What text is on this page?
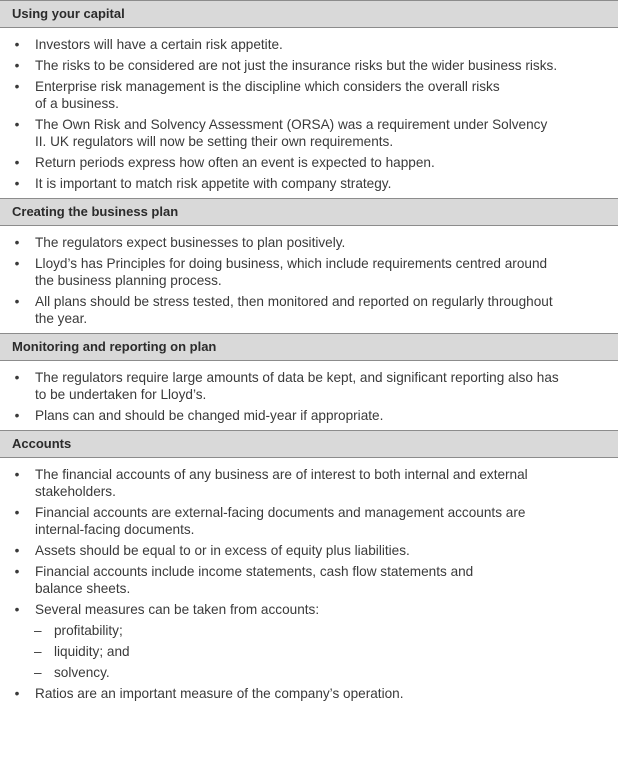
Using your capital
• Investors will have a certain risk appetite.
• The risks to be considered are not just the insurance risks but the wider business risks.
• Enterprise risk management is the discipline which considers the overall risks
of a business.
• The Own Risk and Solvency Assessment (ORSA) was a requirement under Solvency
II. UK regulators will now be setting their own requirements.
• Return periods express how often an event is expected to happen.
• It is important to match risk appetite with company strategy.
Creating the business plan
• The regulators expect businesses to plan positively.
• Lloyd’s has Principles for doing business, which include requirements centred around
the business planning process.
• All plans should be stress tested, then monitored and reported on regularly throughout
the year.
Monitoring and reporting on plan
• The regulators require large amounts of data be kept, and significant reporting also has
to be undertaken for Lloyd’s.
• Plans can and should be changed mid-year if appropriate.
Accounts
• The financial accounts of any business are of interest to both internal and external
stakeholders.
• Financial accounts are external-facing documents and management accounts are
internal-facing documents.
• Assets should be equal to or in excess of equity plus liabilities.
• Financial accounts include income statements, cash flow statements and
balance sheets.
• Several measures can be taken from accounts:
– profitability;
– liquidity; and
– solvency.
• Ratios are an important measure of the company’s operation.
